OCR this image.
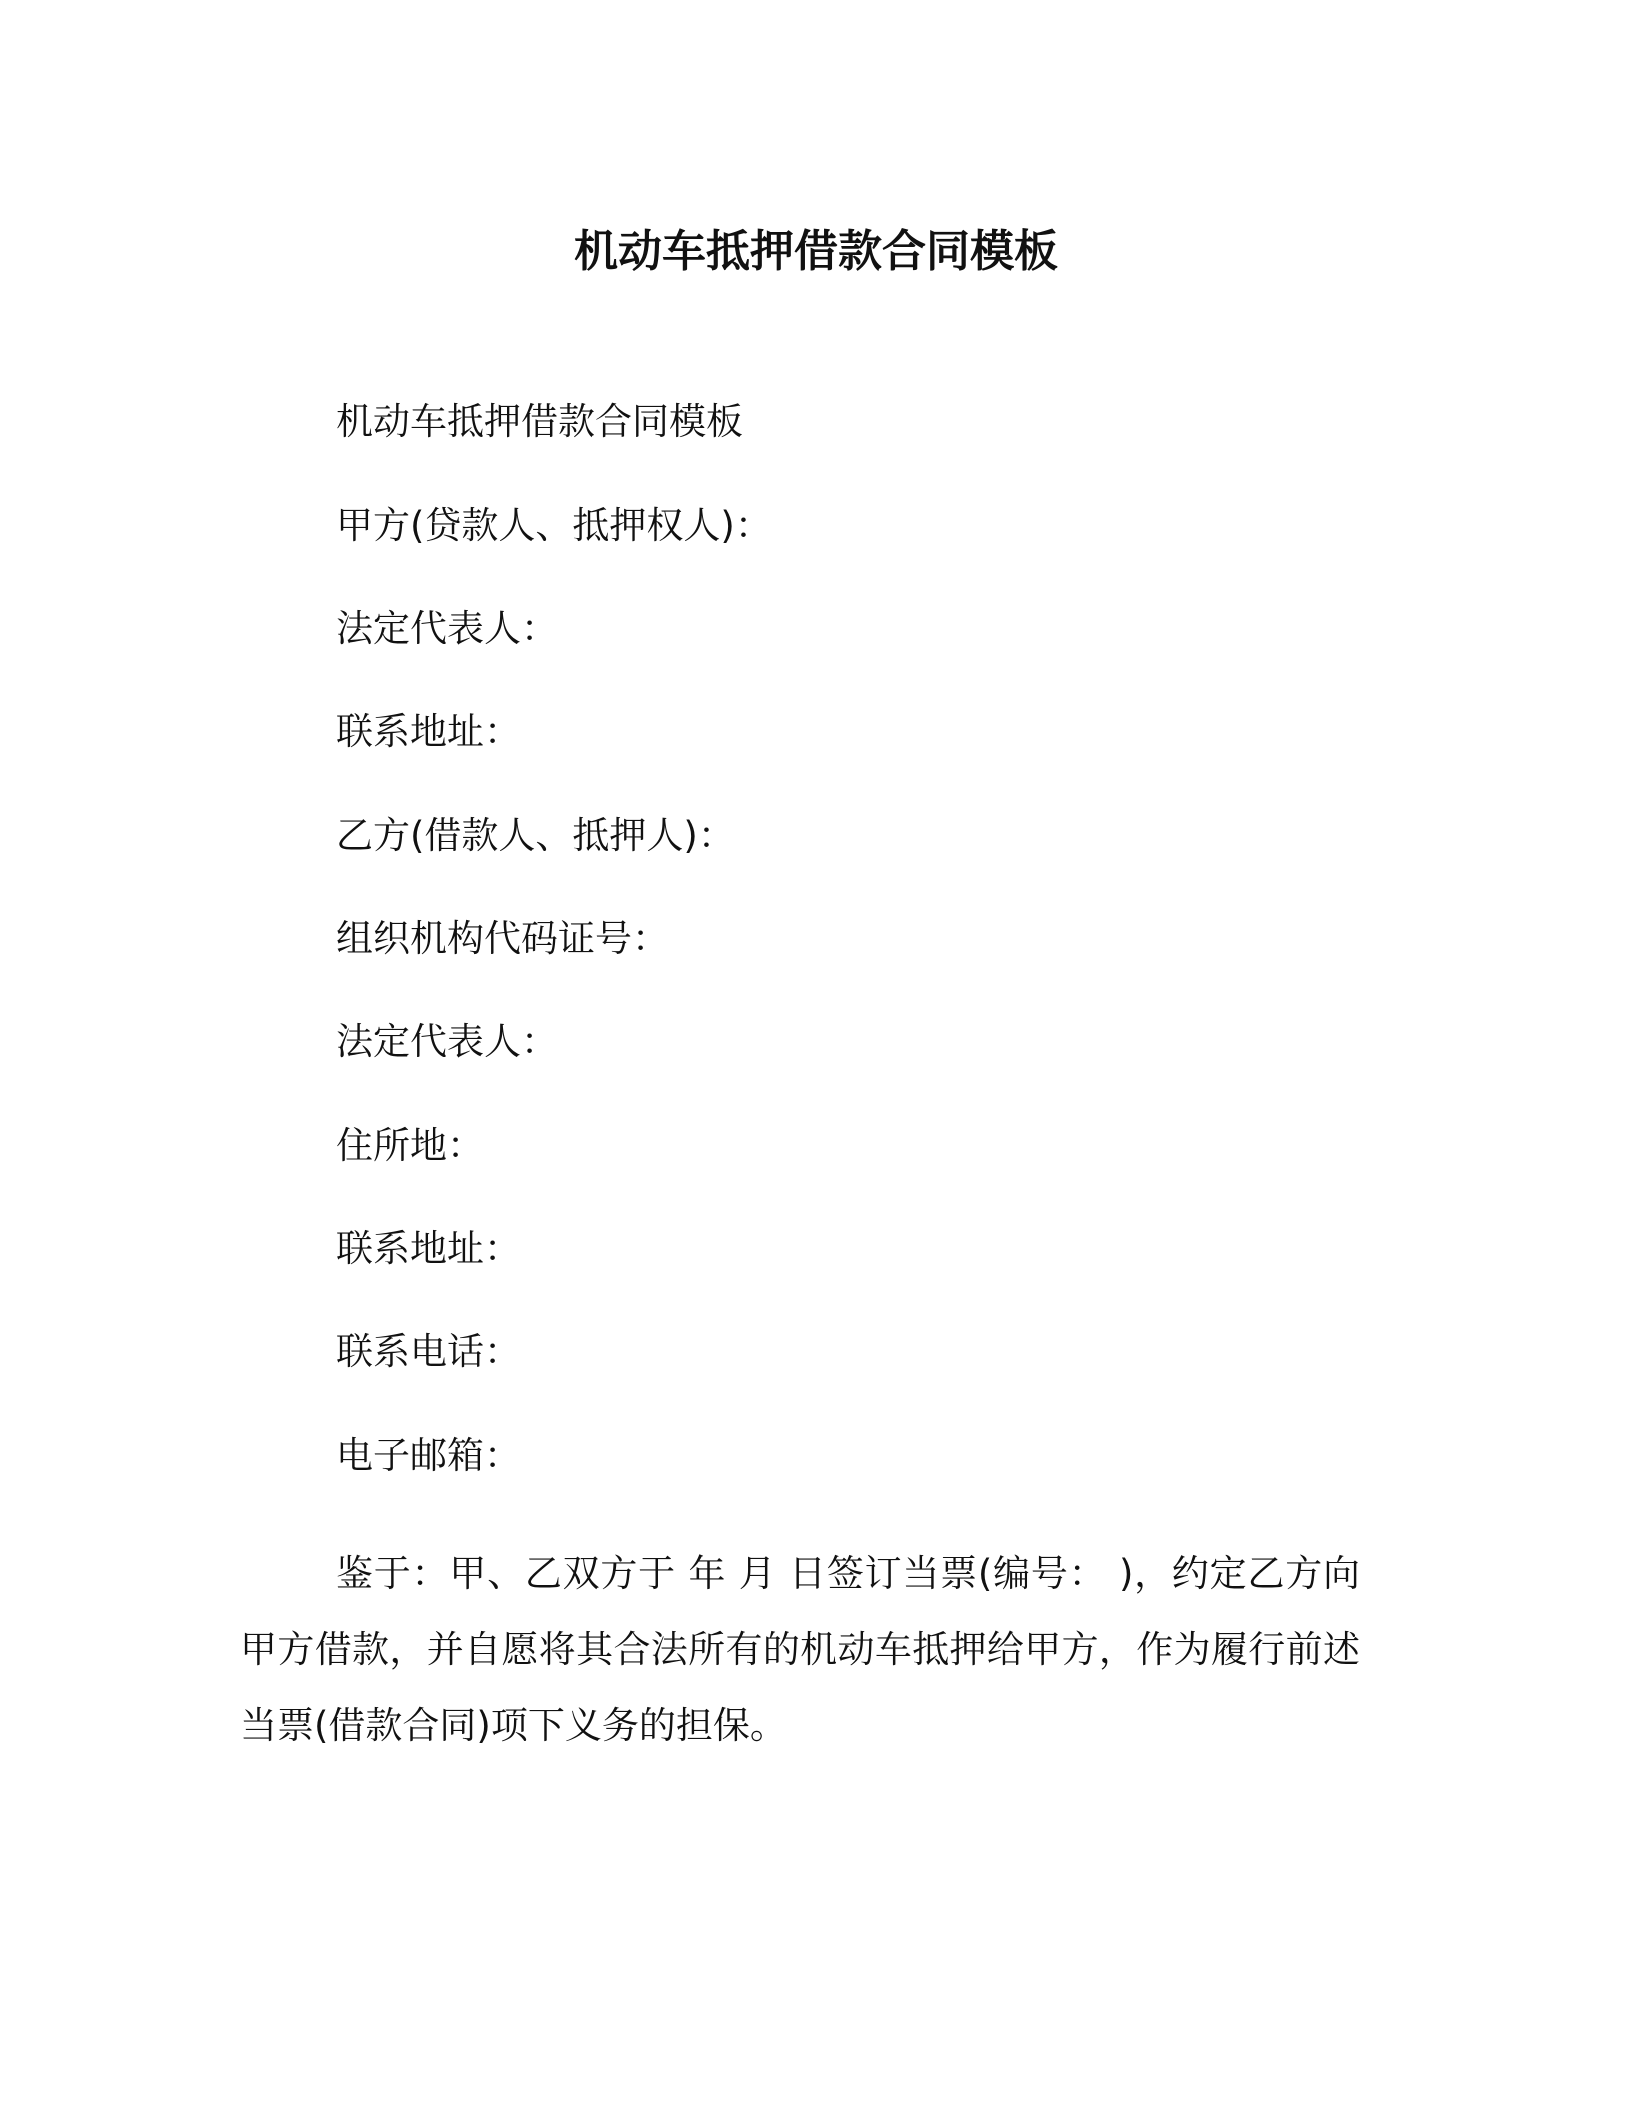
机动车抵押借款合同模板

机动车抵押借款合同模板

甲方(贷款人、抵押权人)：

法定代表人：

联系地址：

乙方(借款人、抵押人)：

组织机构代码证号：

法定代表人：

住所地：

联系地址：

联系电话：

电子邮箱：

鉴于：甲、乙双方于 年 月 日签订当票(编号： )，约定乙方向甲方借款，并自愿将其合法所有的机动车抵押给甲方，作为履行前述当票(借款合同)项下义务的担保。
